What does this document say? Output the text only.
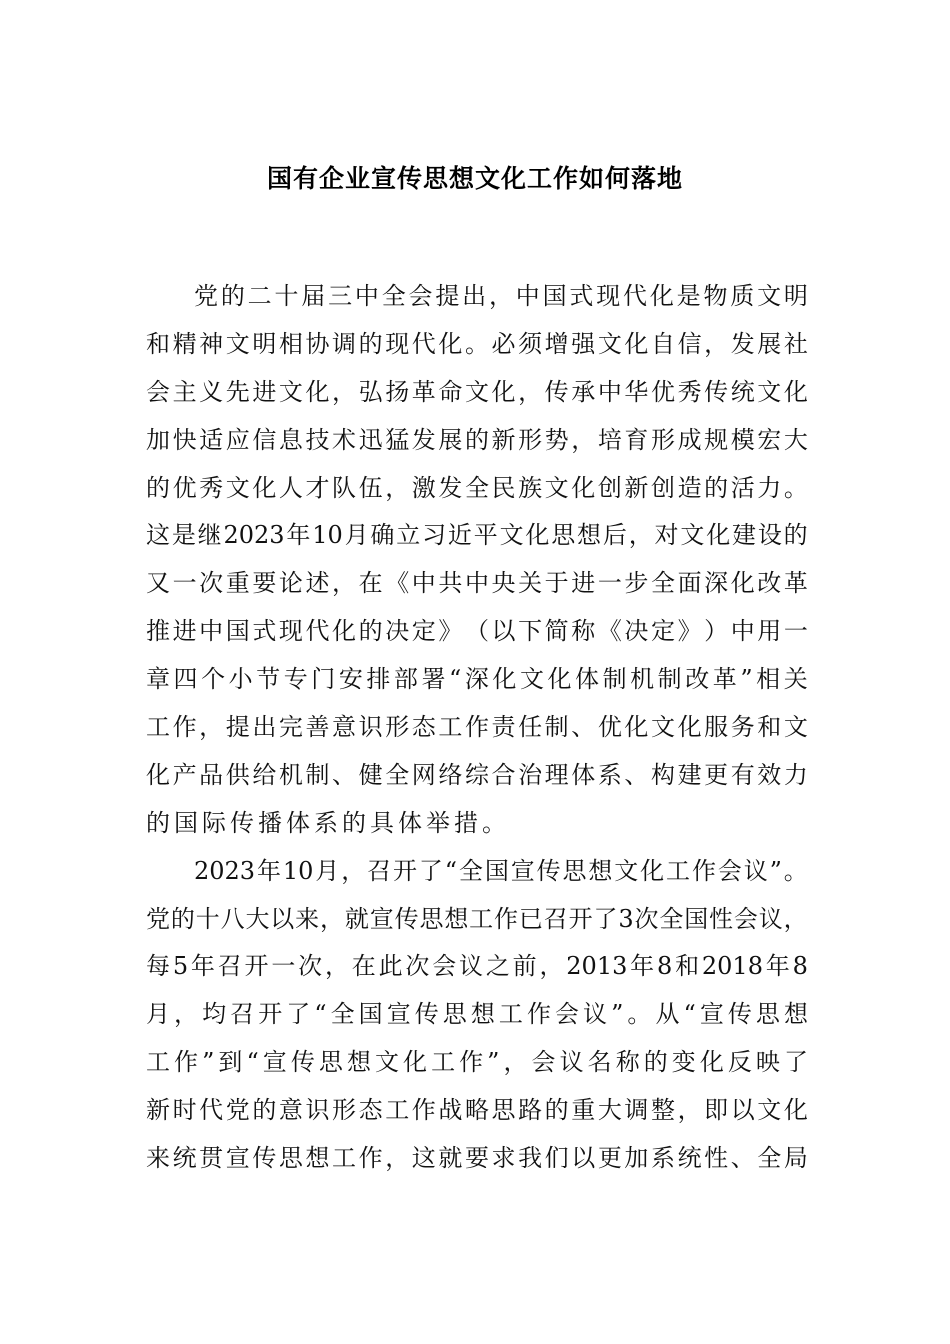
国有企业宣传思想文化工作如何落地
党 的 二 十 届 三 中 全 会 提 出 ， 中 国 式 现 代 化 是 物 质 文 明
和 精 神 文 明 相 协 调 的 现 代 化 。 必 须 增 强 文 化 自 信 ， 发 展 社
会 主 义 先 进 文 化 ， 弘 扬 革 命 文 化 ， 传 承 中 华 优 秀 传 统 文 化
加 快 适 应 信 息 技 术 迅 猛 发 展 的 新 形 势 ， 培 育 形 成 规 模 宏 大
的 优 秀 文 化 人 才 队 伍 ， 激 发 全 民 族 文 化 创 新 创 造 的 活 力 。
这 是 继 2023 年 10 月 确 立 习 近 平 文 化 思 想 后 ， 对 文 化 建 设 的
又 一 次 重 要 论 述 ， 在 《 中 共 中 央 关 于 进 一 步 全 面 深 化 改 革
推 进 中 国 式 现 代 化 的 决 定 》 （ 以 下 简 称 《 决 定 》 ） 中 用 一
章 四 个 小 节 专 门 安 排 部 署 “ 深 化 文 化 体 制 机 制 改 革 ” 相 关
工 作 ， 提 出 完 善 意 识 形 态 工 作 责 任 制 、 优 化 文 化 服 务 和 文
化 产 品 供 给 机 制 、 健 全 网 络 综 合 治 理 体 系 、 构 建 更 有 效 力
的国际传播体系的具体举措。
2023 年 10 月 ， 召 开 了 “ 全 国 宣 传 思 想 文 化 工 作 会 议 ” 。
党 的 十 八 大 以 来 ， 就 宣 传 思 想 工 作 已 召 开 了 3 次 全 国 性 会 议 ，
每 5 年 召 开 一 次 ， 在 此 次 会 议 之 前 ， 2013 年 8 和 2018 年 8
月 ， 均 召 开 了 “ 全 国 宣 传 思 想 工 作 会 议 ” 。 从 “ 宣 传 思 想
工 作 ” 到 “ 宣 传 思 想 文 化 工 作 ” ， 会 议 名 称 的 变 化 反 映 了
新 时 代 党 的 意 识 形 态 工 作 战 略 思 路 的 重 大 调 整 ， 即 以 文 化
来 统 贯 宣 传 思 想 工 作 ， 这 就 要 求 我 们 以 更 加 系 统 性 、 全 局
